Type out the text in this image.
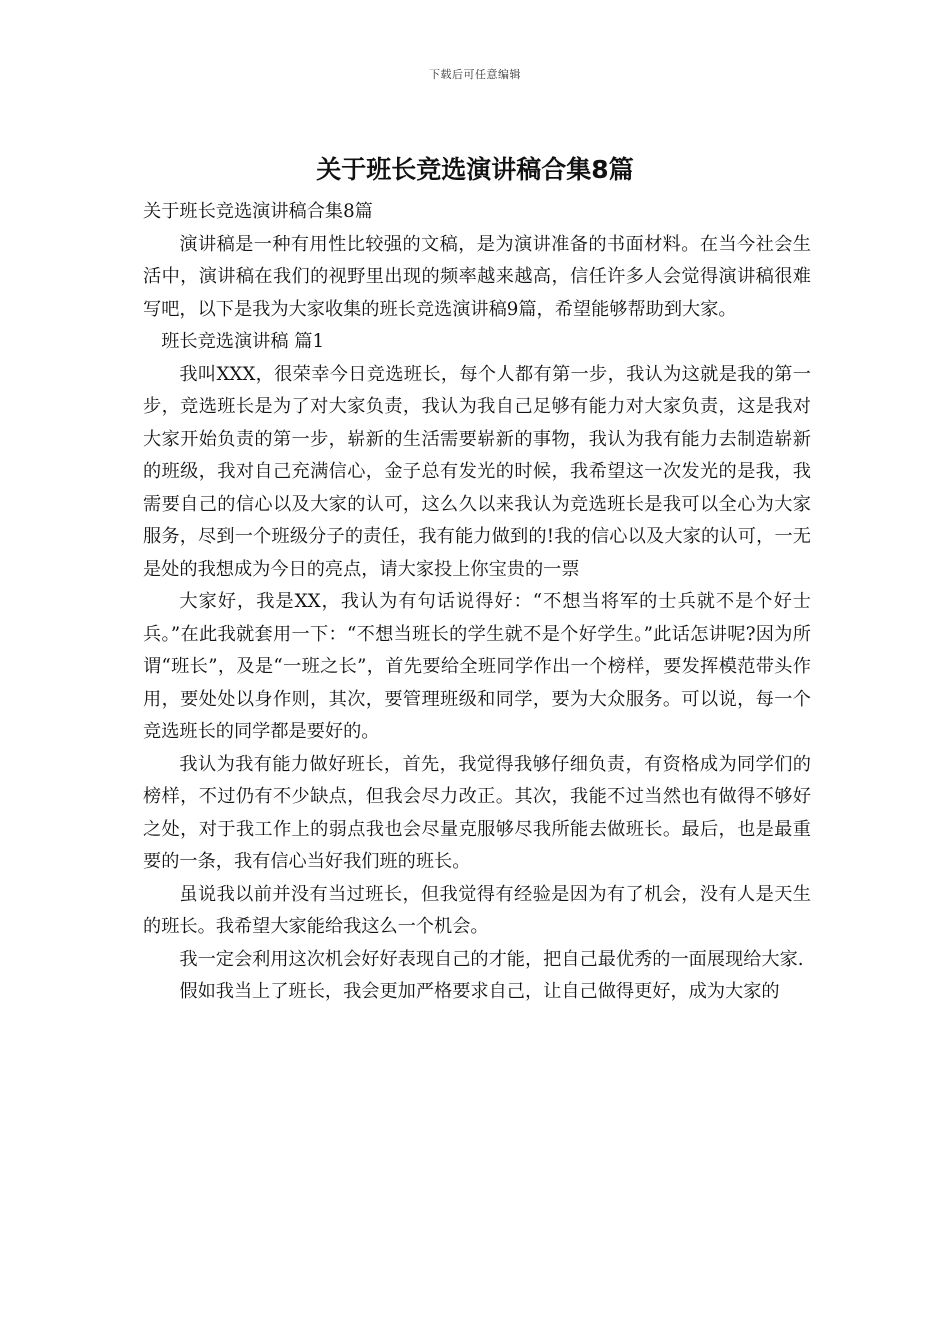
下载后可任意编辑
关于班长竞选演讲稿合集8篇

关于班长竞选演讲稿合集8篇

演讲稿是一种有用性比较强的文稿，是为演讲准备的书面材料。在当今社会生活中，演讲稿在我们的视野里出现的频率越来越高，信任许多人会觉得演讲稿很难写吧，以下是我为大家收集的班长竞选演讲稿9篇，希望能够帮助到大家。

班长竞选演讲稿 篇1

我叫XXX，很荣幸今日竞选班长，每个人都有第一步，我认为这就是我的第一步，竞选班长是为了对大家负责，我认为我自己足够有能力对大家负责，这是我对大家开始负责的第一步，崭新的生活需要崭新的事物，我认为我有能力去制造崭新的班级，我对自己充满信心，金子总有发光的时候，我希望这一次发光的是我，我需要自己的信心以及大家的认可，这么久以来我认为竞选班长是我可以全心为大家服务，尽到一个班级分子的责任，我有能力做到的!我的信心以及大家的认可，一无是处的我想成为今日的亮点，请大家投上你宝贵的一票

大家好，我是XX，我认为有句话说得好：“不想当将军的士兵就不是个好士兵。”在此我就套用一下：“不想当班长的学生就不是个好学生。”此话怎讲呢?因为所谓“班长”，及是“一班之长”，首先要给全班同学作出一个榜样，要发挥模范带头作用，要处处以身作则，其次，要管理班级和同学，要为大众服务。可以说，每一个竞选班长的同学都是要好的。

我认为我有能力做好班长，首先，我觉得我够仔细负责，有资格成为同学们的榜样，不过仍有不少缺点，但我会尽力改正。其次，我能不过当然也有做得不够好之处，对于我工作上的弱点我也会尽量克服够尽我所能去做班长。最后，也是最重要的一条，我有信心当好我们班的班长。

虽说我以前并没有当过班长，但我觉得有经验是因为有了机会，没有人是天生的班长。我希望大家能给我这么一个机会。

我一定会利用这次机会好好表现自己的才能，把自己最优秀的一面展现给大家.

假如我当上了班长，我会更加严格要求自己，让自己做得更好，成为大家的
